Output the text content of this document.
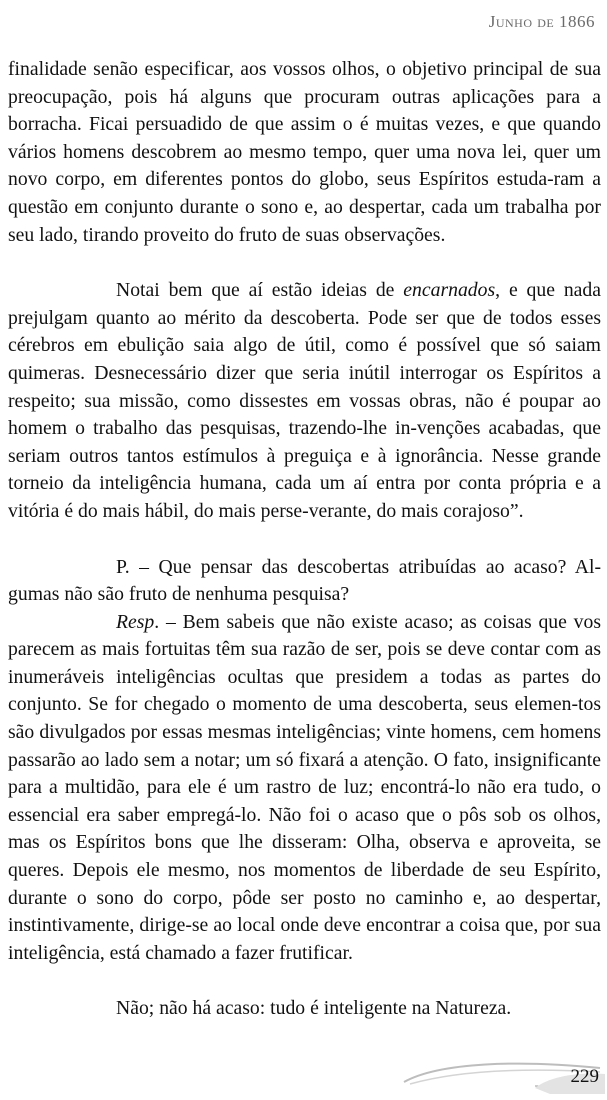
Junho de 1866

finalidade senão especificar, aos vossos olhos, o objetivo principal de sua preocupação, pois há alguns que procuram outras aplicações para a borracha. Ficai persuadido de que assim o é muitas vezes, e que quando vários homens descobrem ao mesmo tempo, quer uma nova lei, quer um novo corpo, em diferentes pontos do globo, seus Espíritos estuda-ram a questão em conjunto durante o sono e, ao despertar, cada um trabalha por seu lado, tirando proveito do fruto de suas observações.

Notai bem que aí estão ideias de encarnados, e que nada prejulgam quanto ao mérito da descoberta. Pode ser que de todos esses cérebros em ebulição saia algo de útil, como é possível que só saiam quimeras. Desnecessário dizer que seria inútil interrogar os Espíritos a respeito; sua missão, como dissestes em vossas obras, não é poupar ao homem o trabalho das pesquisas, trazendo-lhe in-venções acabadas, que seriam outros tantos estímulos à preguiça e à ignorância. Nesse grande torneio da inteligência humana, cada um aí entra por conta própria e a vitória é do mais hábil, do mais perse-verante, do mais corajoso”.

P. – Que pensar das descobertas atribuídas ao acaso? Al-gumas não são fruto de nenhuma pesquisa?

Resp. – Bem sabeis que não existe acaso; as coisas que vos parecem as mais fortuitas têm sua razão de ser, pois se deve contar com as inumeráveis inteligências ocultas que presidem a todas as partes do conjunto. Se for chegado o momento de uma descoberta, seus elemen-tos são divulgados por essas mesmas inteligências; vinte homens, cem homens passarão ao lado sem a notar; um só fixará a atenção. O fato, insignificante para a multidão, para ele é um rastro de luz; encontrá-lo não era tudo, o essencial era saber empregá-lo. Não foi o acaso que o pôs sob os olhos, mas os Espíritos bons que lhe disseram: Olha, observa e aproveita, se queres. Depois ele mesmo, nos momentos de liberdade de seu Espírito, durante o sono do corpo, pôde ser posto no caminho e, ao despertar, instintivamente, dirige-se ao local onde deve encontrar a coisa que, por sua inteligência, está chamado a fazer frutificar.

Não; não há acaso: tudo é inteligente na Natureza.

229
